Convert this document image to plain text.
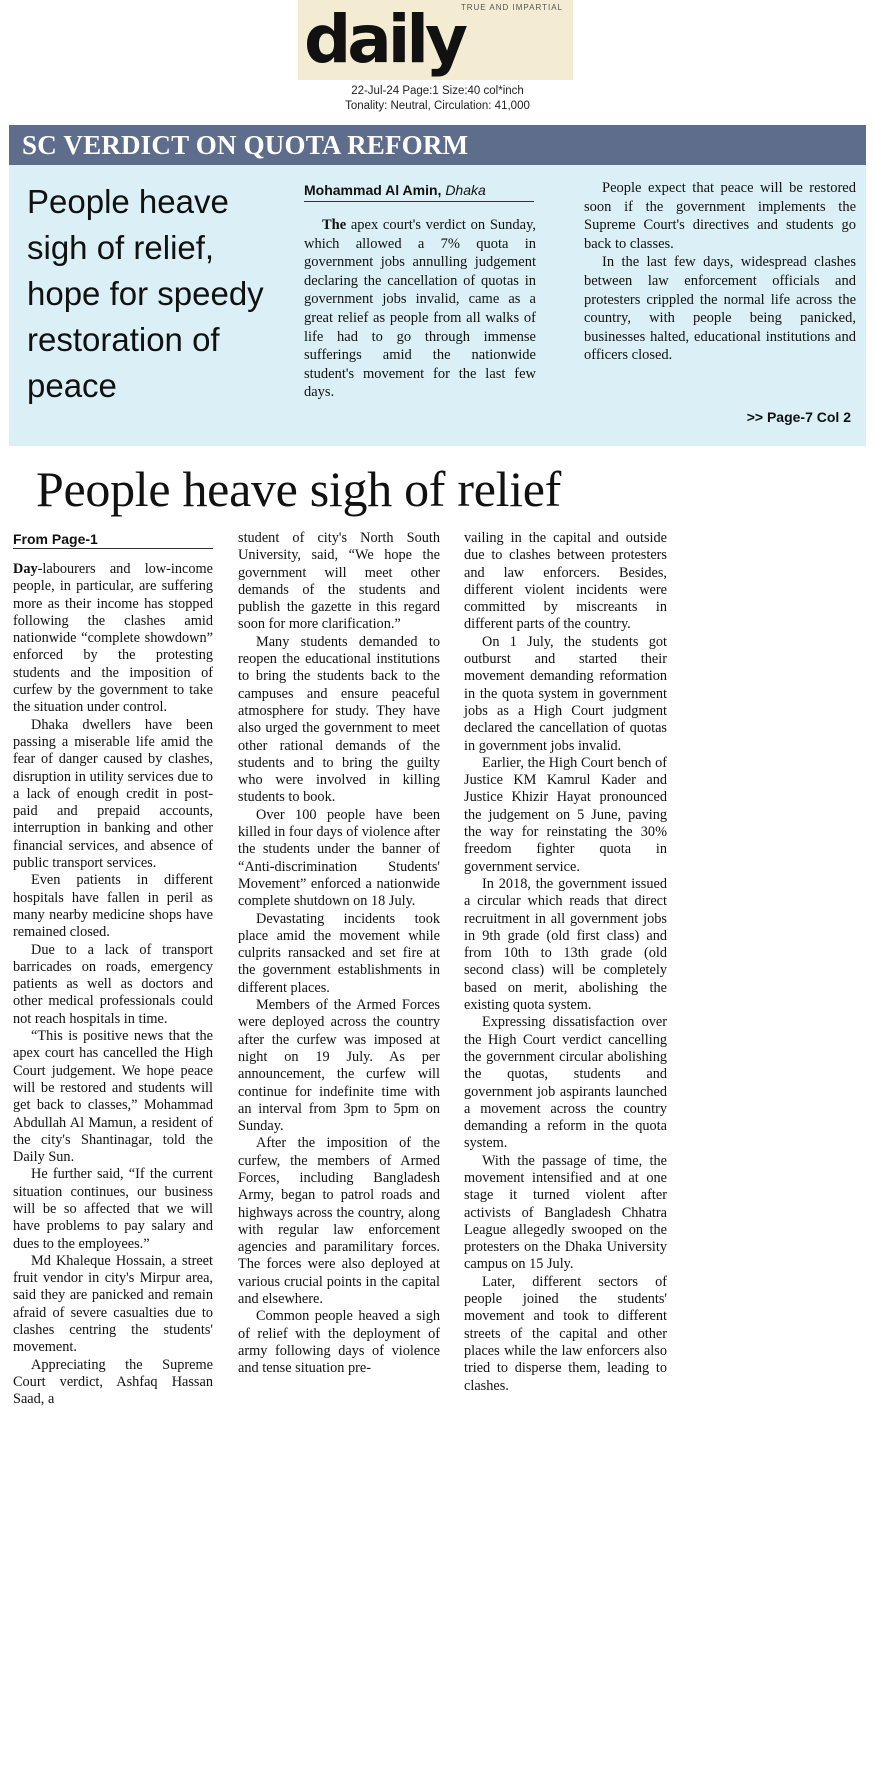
TRUE AND IMPARTIAL
daily
22-Jul-24 Page:1 Size:40 col*inch
Tonality: Neutral, Circulation: 41,000
SC VERDICT ON QUOTA REFORM
People heave sigh of relief, hope for speedy restoration of peace
Mohammad Al Amin, Dhaka

The apex court's verdict on Sunday, which allowed a 7% quota in government jobs annulling judgement declaring the cancellation of quotas in government jobs invalid, came as a great relief as people from all walks of life had to go through immense sufferings amid the nationwide student's movement for the last few days.

People expect that peace will be restored soon if the government implements the Supreme Court's directives and students go back to classes.

In the last few days, widespread clashes between law enforcement officials and protesters crippled the normal life across the country, with people being panicked, businesses halted, educational institutions and officers closed.

>> Page-7 Col 2
People heave sigh of relief
From Page-1

Day-labourers and low-income people, in particular, are suffering more as their income has stopped following the clashes amid nationwide “complete showdown” enforced by the protesting students and the imposition of curfew by the government to take the situation under control.

Dhaka dwellers have been passing a miserable life amid the fear of danger caused by clashes, disruption in utility services due to a lack of enough credit in post-paid and prepaid accounts, interruption in banking and other financial services, and absence of public transport services.

Even patients in different hospitals have fallen in peril as many nearby medicine shops have remained closed.

Due to a lack of transport barricades on roads, emergency patients as well as doctors and other medical professionals could not reach hospitals in time.

“This is positive news that the apex court has cancelled the High Court judgement. We hope peace will be restored and students will get back to classes,” Mohammad Abdullah Al Mamun, a resident of the city's Shantinagar, told the Daily Sun.

He further said, “If the current situation continues, our business will be so affected that we will have problems to pay salary and dues to the employees.”

Md Khaleque Hossain, a street fruit vendor in city's Mirpur area, said they are panicked and remain afraid of severe casualties due to clashes centring the students' movement.

Appreciating the Supreme Court verdict, Ashfaq Hassan Saad, a

student of city's North South University, said, “We hope the government will meet other demands of the students and publish the gazette in this regard soon for more clarification.”

Many students demanded to reopen the educational institutions to bring the students back to the campuses and ensure peaceful atmosphere for study. They have also urged the government to meet other rational demands of the students and to bring the guilty who were involved in killing students to book.

Over 100 people have been killed in four days of violence after the students under the banner of “Anti-discrimination Students' Movement” enforced a nationwide complete shutdown on 18 July.

Devastating incidents took place amid the movement while culprits ransacked and set fire at the government establishments in different places.

Members of the Armed Forces were deployed across the country after the curfew was imposed at night on 19 July. As per announcement, the curfew will continue for indefinite time with an interval from 3pm to 5pm on Sunday.

After the imposition of the curfew, the members of Armed Forces, including Bangladesh Army, began to patrol roads and highways across the country, along with regular law enforcement agencies and paramilitary forces. The forces were also deployed at various crucial points in the capital and elsewhere.

Common people heaved a sigh of relief with the deployment of army following days of violence and tense situation pre-

vailing in the capital and outside due to clashes between protesters and law enforcers. Besides, different violent incidents were committed by miscreants in different parts of the country.

On 1 July, the students got outburst and started their movement demanding reformation in the quota system in government jobs as a High Court judgment declared the cancellation of quotas in government jobs invalid.

Earlier, the High Court bench of Justice KM Kamrul Kader and Justice Khizir Hayat pronounced the judgement on 5 June, paving the way for reinstating the 30% freedom fighter quota in government service.

In 2018, the government issued a circular which reads that direct recruitment in all government jobs in 9th grade (old first class) and from 10th to 13th grade (old second class) will be completely based on merit, abolishing the existing quota system.

Expressing dissatisfaction over the High Court verdict cancelling the government circular abolishing the quotas, students and government job aspirants launched a movement across the country demanding a reform in the quota system.

With the passage of time, the movement intensified and at one stage it turned violent after activists of Bangladesh Chhatra League allegedly swooped on the protesters on the Dhaka University campus on 15 July.

Later, different sectors of people joined the students' movement and took to different streets of the capital and other places while the law enforcers also tried to disperse them, leading to clashes.
